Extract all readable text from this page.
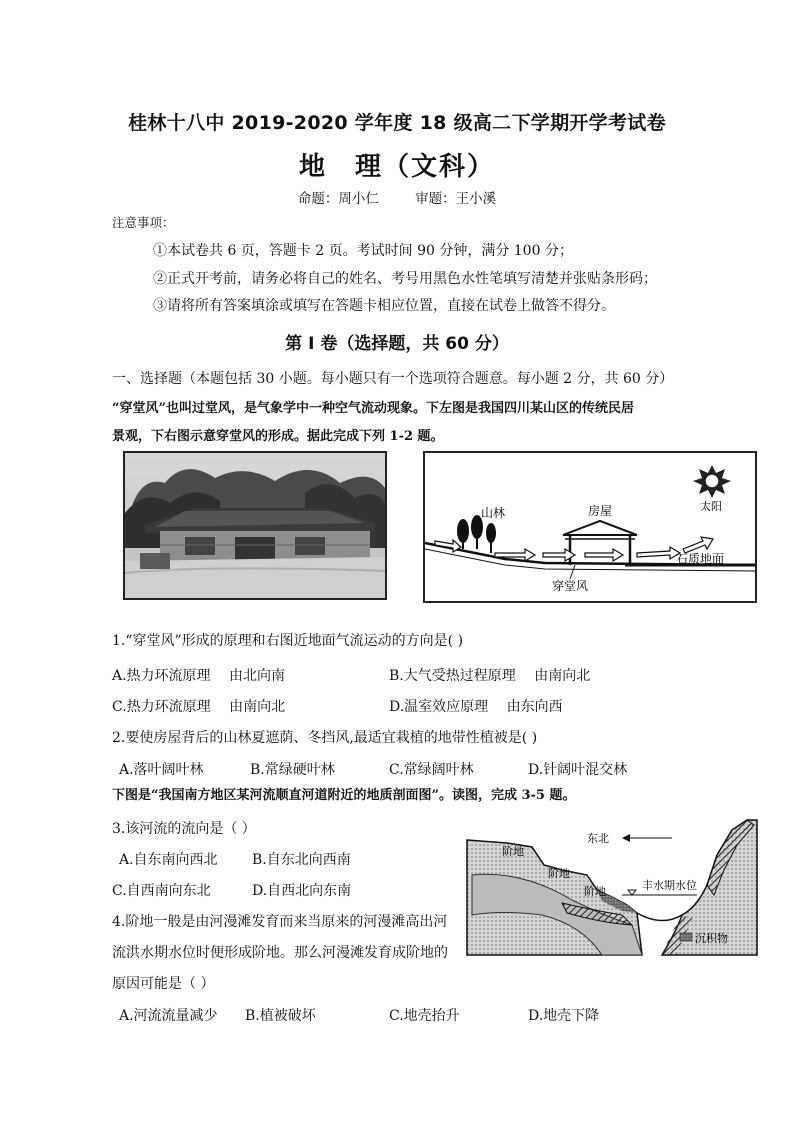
桂林十八中 2019-2020 学年度 18 级高二下学期开学考试卷
地　理（文科）
命题：周小仁	审题：王小溪
注意事项：
①本试卷共 6 页，答题卡 2 页。考试时间 90 分钟，满分 100 分；
②正式开考前，请务必将自己的姓名、考号用黑色水性笔填写清楚并张贴条形码；
③请将所有答案填涂或填写在答题卡相应位置，直接在试卷上做答不得分。
第 I 卷（选择题，共 60 分）
一、选择题（本题包括 30 小题。每小题只有一个选项符合题意。每小题 2 分，共 60 分）
“穿堂风”也叫过堂风，是气象学中一种空气流动现象。下左图是我国四川某山区的传统民居
景观，下右图示意穿堂风的形成。据此完成下列 1-2 题。
太阳
山林	房屋
石质地面
穿堂风
1.“穿堂风”形成的原理和右图近地面气流运动的方向是( )
A.热力环流原理　 由北向南	B.大气受热过程原理　 由南向北
C.热力环流原理　 由南向北	D.温室效应原理　 由东向西
2.要使房屋背后的山林夏遮荫、冬挡风,最适宜栽植的地带性植被是( )
A.落叶阔叶林	B.常绿硬叶林	C.常绿阔叶林	D.针阔叶混交林
下图是“我国南方地区某河流顺直河道附近的地质剖面图”。读图，完成 3-5 题。
3.该河流的流向是（ ）
A.自东南向西北 B.自东北向西南
C.自西南向东北	D.自西北向东南
4.阶地一般是由河漫滩发育而来当原来的河漫滩高出河
流洪水期水位时便形成阶地。那么河漫滩发育成阶地的
原因可能是（ ）
A.河流流量减少 B.植被破坏	C.地壳抬升	D.地壳下降
东北
阶地
阶地
阶地	丰水期水位
沉积物
